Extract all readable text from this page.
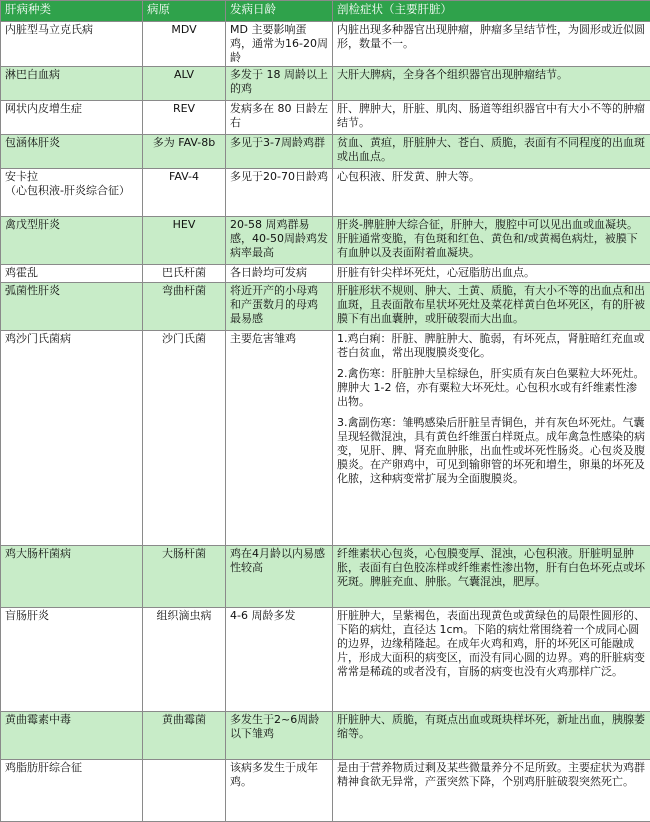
肝病种类	病原	发病日龄	剖检症状（主要肝脏）
内脏型马立克氏病	MDV	MD 主要影响蛋鸡，通常为16-20周龄	内脏出现多种器官出现肿瘤，肿瘤多呈结节性，为圆形或近似圆形，数量不一。

淋巴白血病	ALV	多发于 18 周龄以上的鸡	大肝大脾病，全身各个组织器官出现肿瘤结节。

网状内皮增生症	REV	发病多在 80 日龄左右	肝、脾肿大，肝脏、肌肉、肠道等组织器官中有大小不等的肿瘤结节。

包涵体肝炎	多为 FAV-8b	多见于3-7周龄鸡群	贫血、黄疸，肝脏肿大、苍白、质脆，表面有不同程度的出血斑或出血点。

安卡拉
（心包积液-肝炎综合征）	FAV-4	多见于20-70日龄鸡	心包积液、肝发黄、肿大等。

禽戊型肝炎	HEV	20-58 周鸡群易感，40-50周龄鸡发病率最高	肝炎-脾脏肿大综合征，肝肿大，腹腔中可以见出血或血凝块。肝脏通常变脆，有色斑和红色、黄色和/或黄褐色病灶，被膜下有血肿以及表面附着血凝块。

鸡霍乱	巴氏杆菌	各日龄均可发病	肝脏有针尖样坏死灶，心冠脂肪出血点。

弧菌性肝炎	弯曲杆菌	将近开产的小母鸡和产蛋数月的母鸡最易感	肝脏形状不规则、肿大、土黄、质脆，有大小不等的出血点和出血斑，且表面散布星状坏死灶及菜花样黄白色坏死区，有的肝被膜下有出血囊肿，或肝破裂而大出血。

鸡沙门氏菌病	沙门氏菌	主要危害雏鸡	1.鸡白痢：肝脏、脾脏肿大、脆弱，有坏死点，肾脏暗红充血或苍白贫血，常出现腹膜炎变化。

2.禽伤寒：肝脏肿大呈棕绿色，肝实质有灰白色粟粒大坏死灶。脾肿大 1-2 倍，亦有粟粒大坏死灶。心包积水或有纤维素性渗出物。

3.禽副伤寒：雏鸭感染后肝脏呈青铜色，并有灰色坏死灶。气囊呈现轻微混浊，具有黄色纤维蛋白样斑点。成年禽急性感染的病变，见肝、脾、肾充血肿胀，出血性或坏死性肠炎。心包炎及腹膜炎。在产卵鸡中，可见到输卵管的坏死和增生，卵巢的坏死及化脓，这种病变常扩展为全面腹膜炎。

鸡大肠杆菌病	大肠杆菌	鸡在4月龄以内易感性较高	纤维素状心包炎，心包膜变厚、混浊，心包积液。肝脏明显肿胀，表面有白色胶冻样或纤维素性渗出物，肝有白色坏死点或坏死斑。脾脏充血、肿胀。气囊混浊，肥厚。

盲肠肝炎	组织滴虫病	4-6 周龄多发	肝脏肿大，呈紫褐色，表面出现黄色或黄绿色的局限性圆形的、下陷的病灶，直径达 1cm。下陷的病灶常围绕着一个成同心圆的边界，边缘稍隆起。在成年火鸡和鸡，肝的坏死区可能融成片，形成大面积的病变区，而没有同心圆的边界。鸡的肝脏病变常常是稀疏的或者没有，盲肠的病变也没有火鸡那样广泛。

黄曲霉素中毒	黄曲霉菌	多发生于2~6周龄以下雏鸡	肝脏肿大、质脆，有斑点出血或斑块样坏死，新址出血，胰腺萎缩等。

鸡脂肪肝综合征		该病多发生于成年鸡。	是由于营养物质过剩及某些微量养分不足所致。主要症状为鸡群精神食欲无异常，产蛋突然下降，个别鸡肝脏破裂突然死亡。
